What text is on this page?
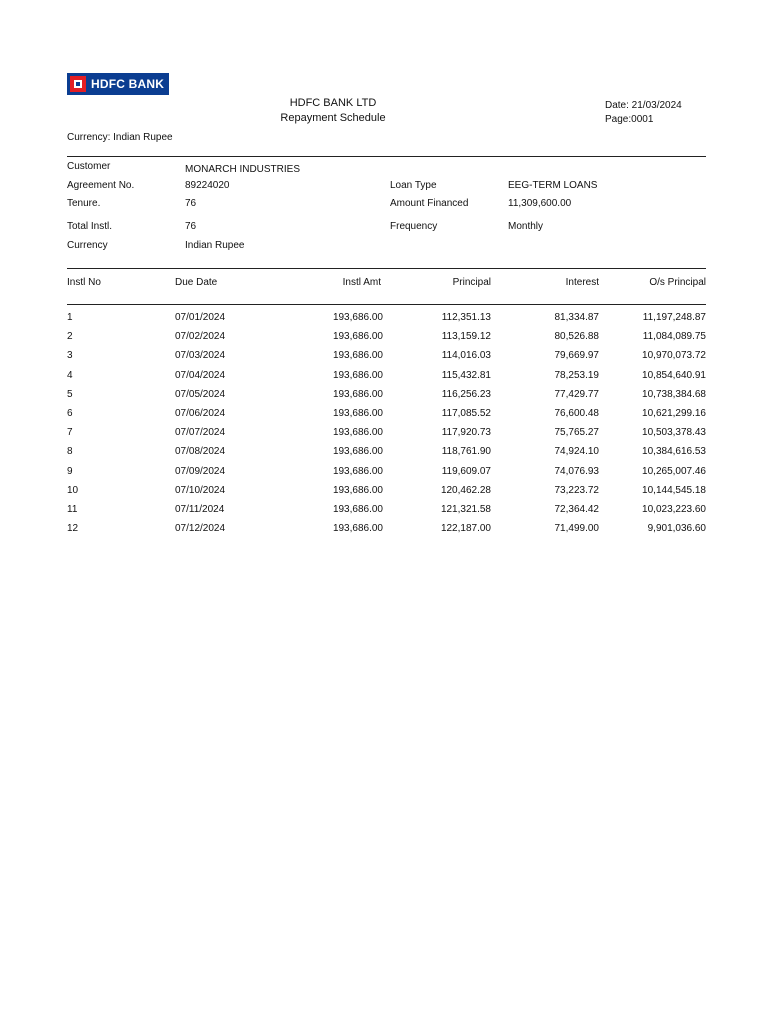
HDFC BANK
HDFC BANK LTD
Repayment Schedule
Date: 21/03/2024
Page:0001
Currency: Indian Rupee
Customer	MONARCH INDUSTRIES
Agreement No.	89224020	Loan Type	EEG-TERM LOANS
Tenure.	76	Amount Financed	11,309,600.00
Total Instl.	76	Frequency	Monthly
Currency	Indian Rupee
Instl No	Due Date	Instl Amt	Principal	Interest	O/s Principal
1	07/01/2024	193,686.00	112,351.13	81,334.87	11,197,248.87
2	07/02/2024	193,686.00	113,159.12	80,526.88	11,084,089.75
3	07/03/2024	193,686.00	114,016.03	79,669.97	10,970,073.72
4	07/04/2024	193,686.00	115,432.81	78,253.19	10,854,640.91
5	07/05/2024	193,686.00	116,256.23	77,429.77	10,738,384.68
6	07/06/2024	193,686.00	117,085.52	76,600.48	10,621,299.16
7	07/07/2024	193,686.00	117,920.73	75,765.27	10,503,378.43
8	07/08/2024	193,686.00	118,761.90	74,924.10	10,384,616.53
9	07/09/2024	193,686.00	119,609.07	74,076.93	10,265,007.46
10	07/10/2024	193,686.00	120,462.28	73,223.72	10,144,545.18
11	07/11/2024	193,686.00	121,321.58	72,364.42	10,023,223.60
12	07/12/2024	193,686.00	122,187.00	71,499.00	9,901,036.60
